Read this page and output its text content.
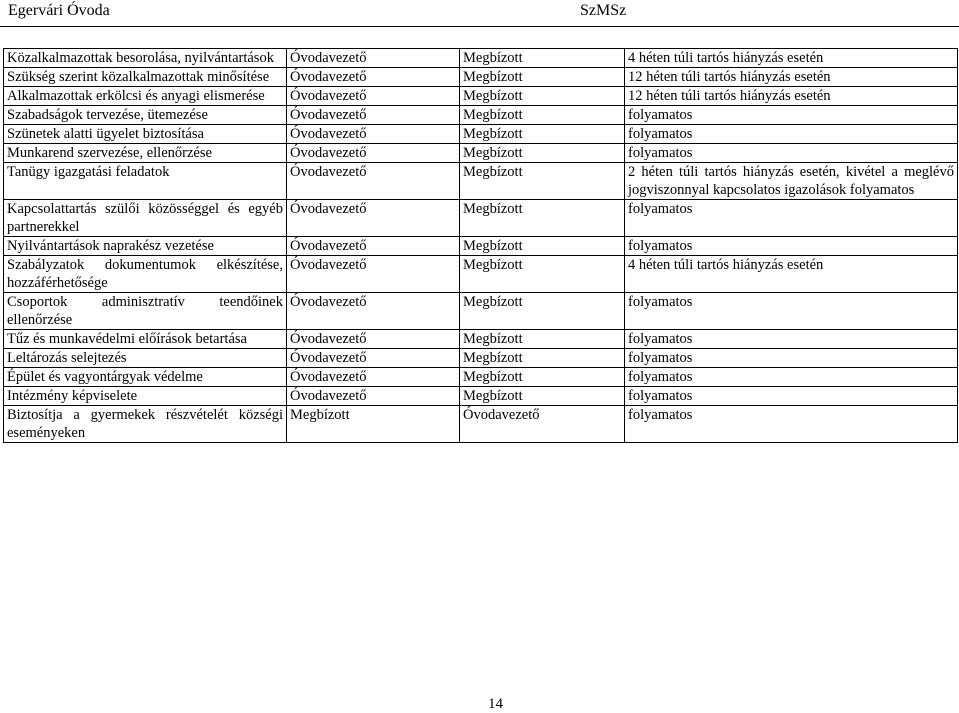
Egervári Óvoda	SzMSz
Közalkalmazottak besorolása, nyilvántartások	Óvodavezető	Megbízott	4 héten túli tartós hiányzás esetén
Szükség szerint közalkalmazottak minősítése	Óvodavezető	Megbízott	12 héten túli tartós hiányzás esetén
Alkalmazottak erkölcsi és anyagi elismerése	Óvodavezető	Megbízott	12 héten túli tartós hiányzás esetén
Szabadságok tervezése, ütemezése	Óvodavezető	Megbízott	folyamatos
Szünetek alatti ügyelet biztosítása	Óvodavezető	Megbízott	folyamatos
Munkarend szervezése, ellenőrzése	Óvodavezető	Megbízott	folyamatos
Tanügy igazgatási feladatok	Óvodavezető	Megbízott	2 héten túli tartós hiányzás esetén, kivétel a meglévő jogviszonnyal kapcsolatos igazolások folyamatos
Kapcsolattartás szülői közösséggel és egyéb partnerekkel	Óvodavezető	Megbízott	folyamatos
Nyilvántartások naprakész vezetése	Óvodavezető	Megbízott	folyamatos
Szabályzatok dokumentumok elkészítése, hozzáférhetősége	Óvodavezető	Megbízott	4 héten túli tartós hiányzás esetén
Csoportok adminisztratív teendőinek ellenőrzése	Óvodavezető	Megbízott	folyamatos
Tűz és munkavédelmi előírások betartása	Óvodavezető	Megbízott	folyamatos
Leltározás selejtezés	Óvodavezető	Megbízott	folyamatos
Épület és vagyontárgyak védelme	Óvodavezető	Megbízott	folyamatos
Intézmény képviselete	Óvodavezető	Megbízott	folyamatos
Biztosítja a gyermekek részvételét községi eseményeken	Megbízott	Óvodavezető	folyamatos
14
